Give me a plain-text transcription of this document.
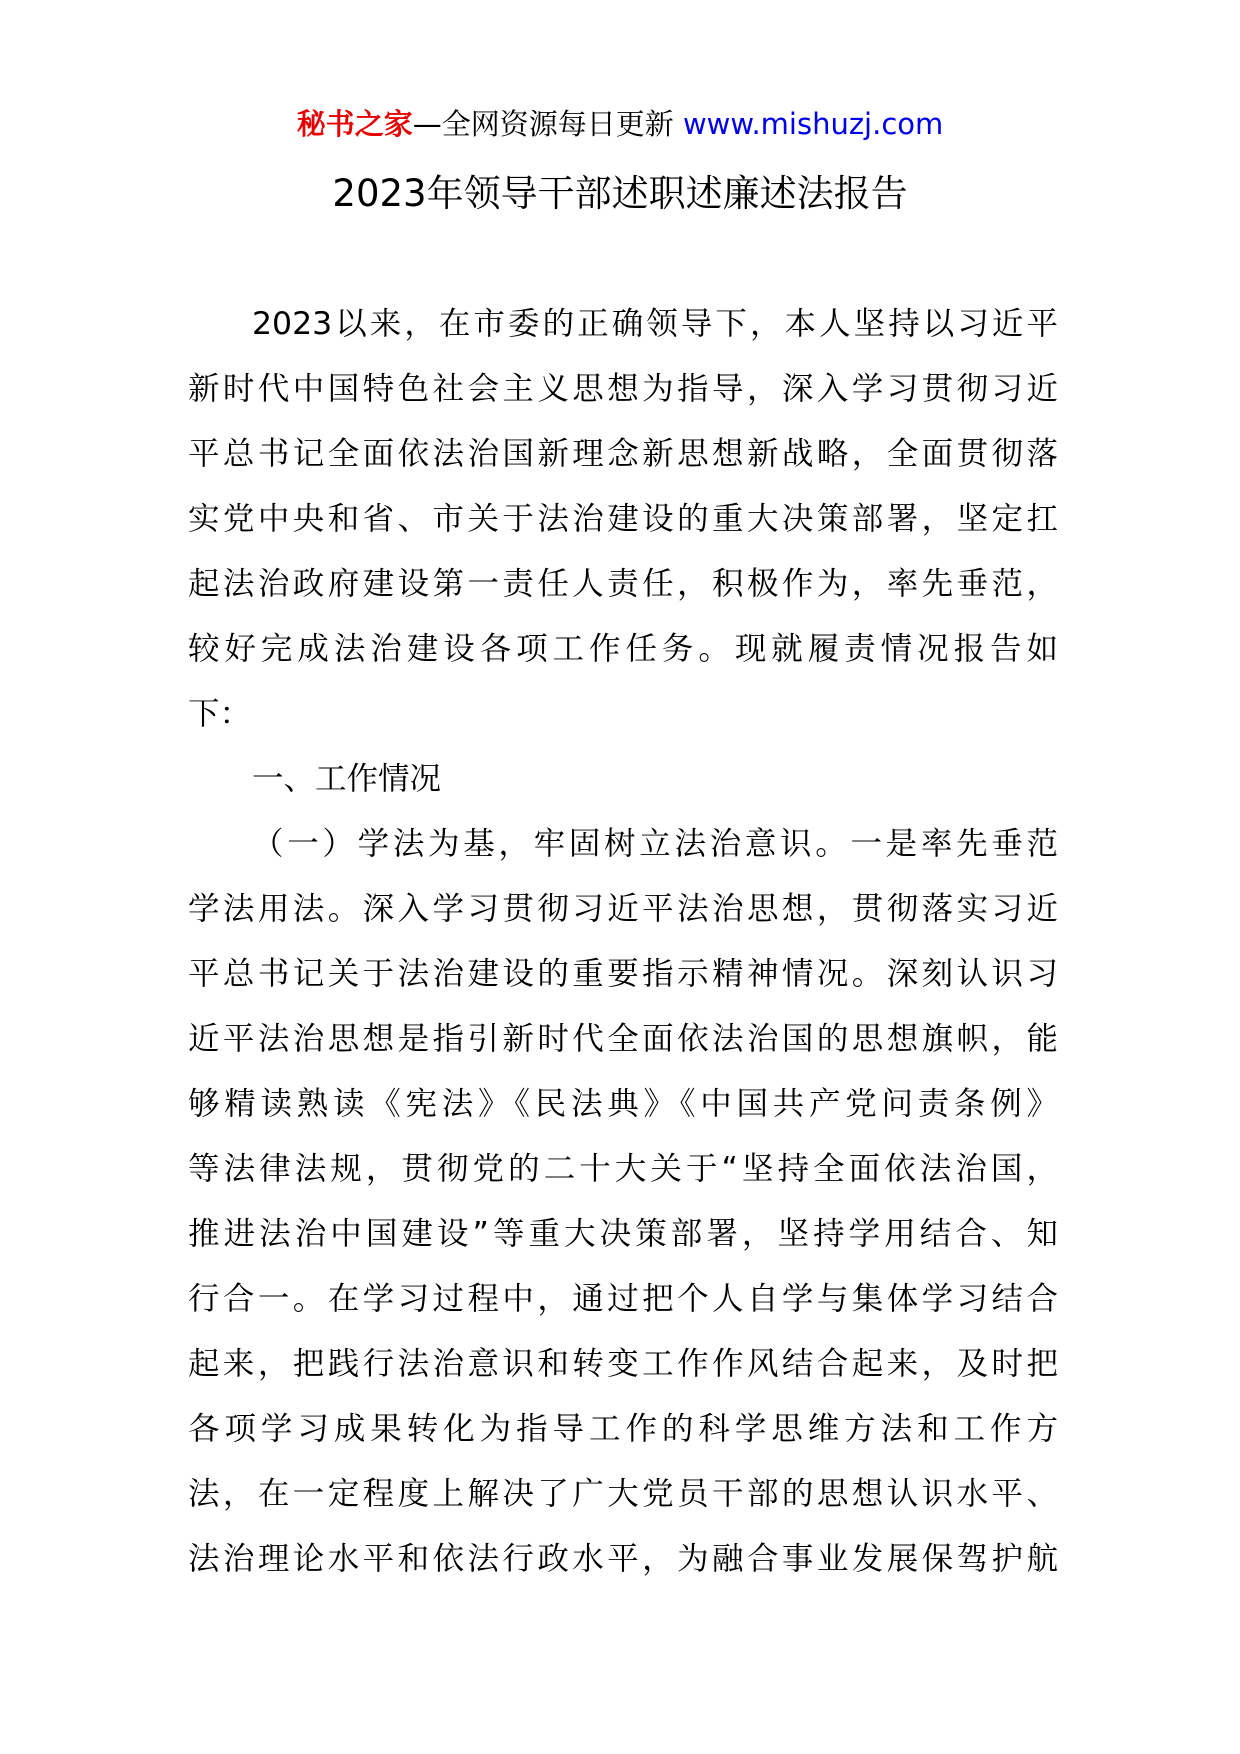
秘书之家—全网资源每日更新 www.mishuzj.com
2023年领导干部述职述廉述法报告
2023以来，在市委的正确领导下，本人坚持以习近平
新时代中国特色社会主义思想为指导，深入学习贯彻习近
平总书记全面依法治国新理念新思想新战略，全面贯彻落
实党中央和省、市关于法治建设的重大决策部署，坚定扛
起法治政府建设第一责任人责任，积极作为，率先垂范，
较好完成法治建设各项工作任务。现就履责情况报告如
下：
一、工作情况
（一）学法为基，牢固树立法治意识。一是率先垂范
学法用法。深入学习贯彻习近平法治思想，贯彻落实习近
平总书记关于法治建设的重要指示精神情况。深刻认识习
近平法治思想是指引新时代全面依法治国的思想旗帜，能
够精读熟读《宪法》《民法典》《中国共产党问责条例》
等法律法规，贯彻党的二十大关于“坚持全面依法治国，
推进法治中国建设”等重大决策部署，坚持学用结合、知
行合一。在学习过程中，通过把个人自学与集体学习结合
起来，把践行法治意识和转变工作作风结合起来，及时把
各项学习成果转化为指导工作的科学思维方法和工作方
法，在一定程度上解决了广大党员干部的思想认识水平、
法治理论水平和依法行政水平，为融合事业发展保驾护航
